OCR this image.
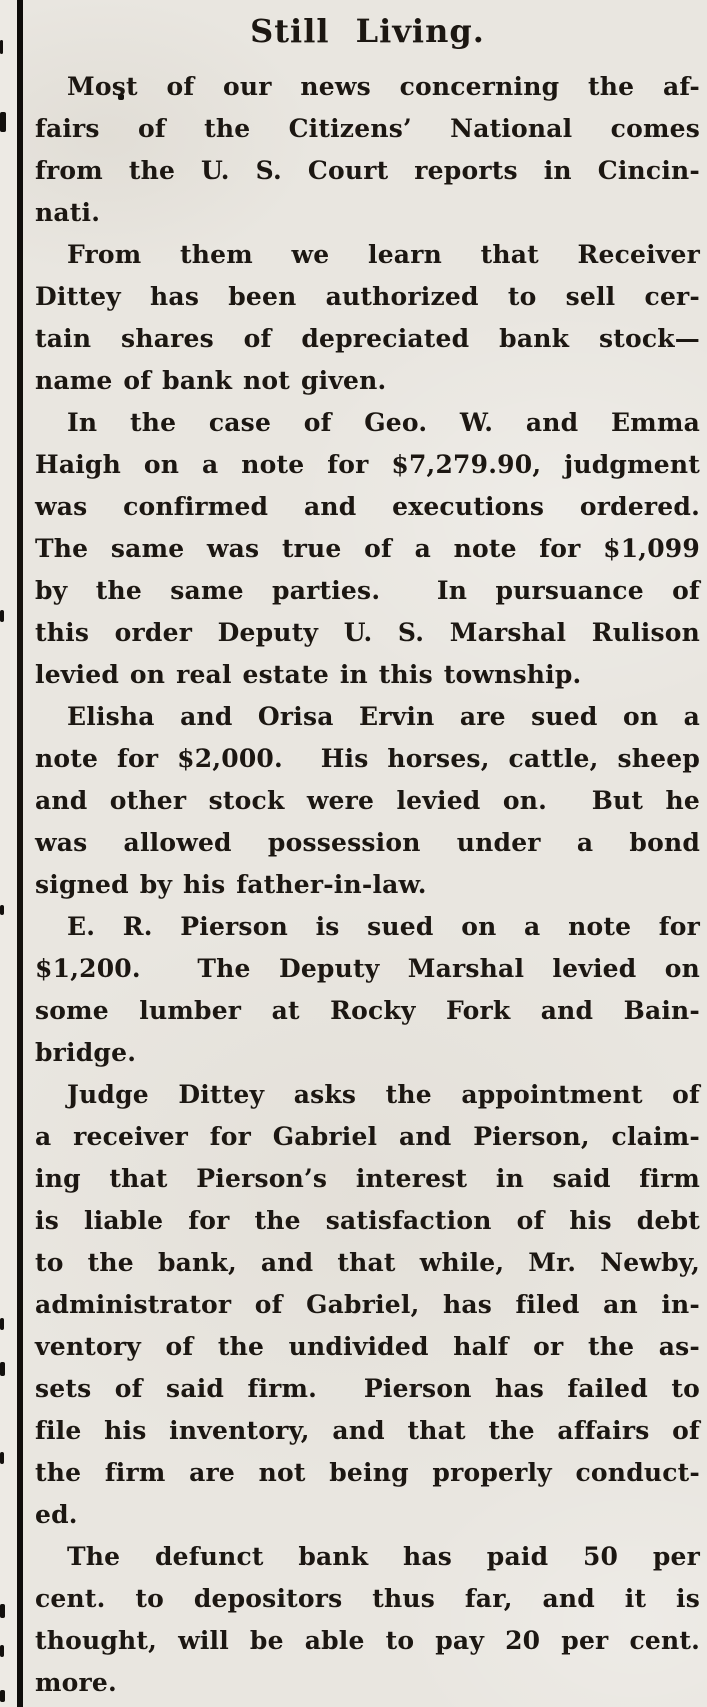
Still Living.
Most of our news concerning the af-
fairs of the Citizens’ National comes
from the U. S. Court reports in Cincin-
nati.
From them we learn that Receiver
Dittey has been authorized to sell cer-
tain shares of depreciated bank stock—
name of bank not given.
In the case of Geo. W. and Emma
Haigh on a note for $7,279.90, judgment
was confirmed and executions ordered.
The same was true of a note for $1,099
by the same parties.  In pursuance of
this order Deputy U. S. Marshal Rulison
levied on real estate in this township.
Elisha and Orisa Ervin are sued on a
note for $2,000.  His horses, cattle, sheep
and other stock were levied on.  But he
was allowed possession under a bond
signed by his father-in-law.
E. R. Pierson is sued on a note for
$1,200.  The Deputy Marshal levied on
some lumber at Rocky Fork and Bain-
bridge.
Judge Dittey asks the appointment of
a receiver for Gabriel and Pierson, claim-
ing that Pierson’s interest in said firm
is liable for the satisfaction of his debt
to the bank, and that while, Mr. Newby,
administrator of Gabriel, has filed an in-
ventory of the undivided half or the as-
sets of said firm.  Pierson has failed to
file his inventory, and that the affairs of
the firm are not being properly conduct-
ed.
The defunct bank has paid 50 per
cent. to depositors thus far, and it is
thought, will be able to pay 20 per cent.
more.
